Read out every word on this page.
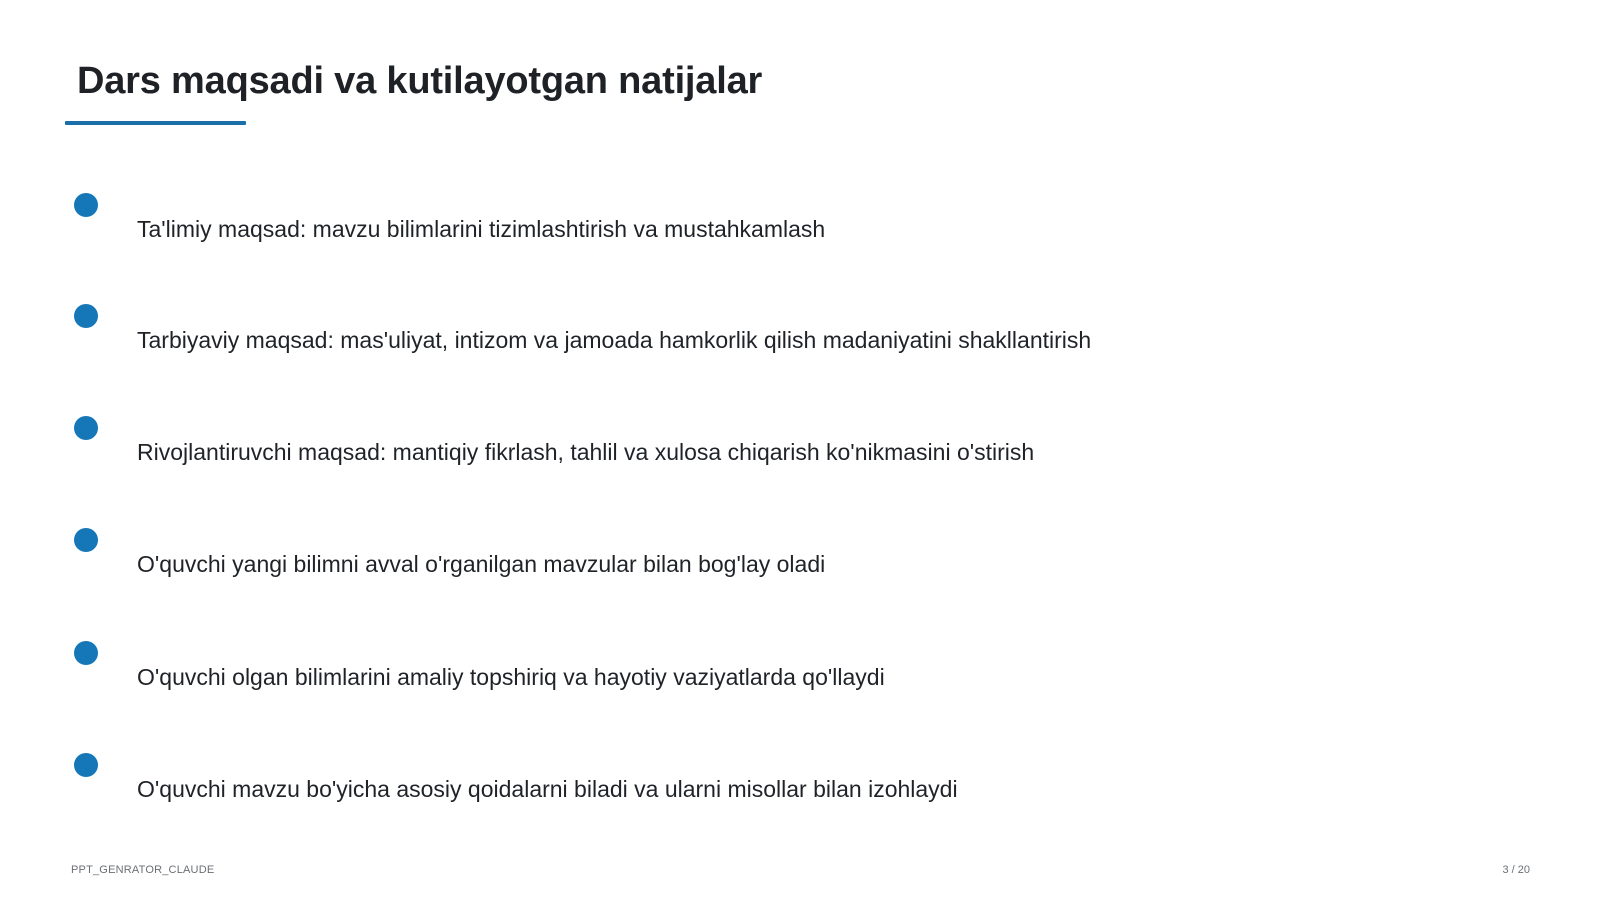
Dars maqsadi va kutilayotgan natijalar
Ta'limiy maqsad: mavzu bilimlarini tizimlashtirish va mustahkamlash
Tarbiyaviy maqsad: mas'uliyat, intizom va jamoada hamkorlik qilish madaniyatini shakllantirish
Rivojlantiruvchi maqsad: mantiqiy fikrlash, tahlil va xulosa chiqarish ko'nikmasini o'stirish
O'quvchi yangi bilimni avval o'rganilgan mavzular bilan bog'lay oladi
O'quvchi olgan bilimlarini amaliy topshiriq va hayotiy vaziyatlarda qo'llaydi
O'quvchi mavzu bo'yicha asosiy qoidalarni biladi va ularni misollar bilan izohlaydi
PPT_GENRATOR_CLAUDE	3 / 20
